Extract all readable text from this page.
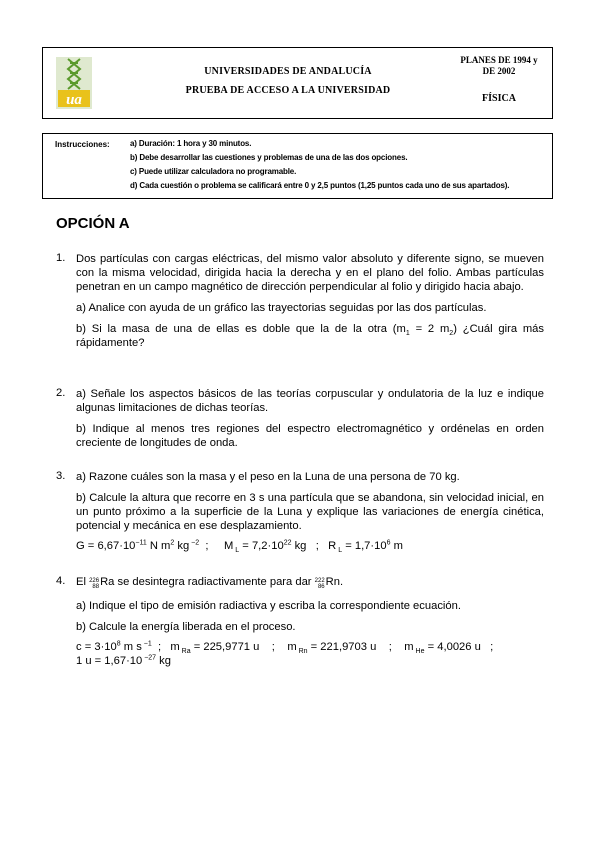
ua
UNIVERSIDADES DE ANDALUCÍA
PRUEBA DE ACCESO A LA UNIVERSIDAD
PLANES DE 1994 y
DE 2002
FÍSICA
Instrucciones:	a) Duración: 1 hora y 30 minutos.
b) Debe desarrollar las cuestiones y problemas de una de las dos opciones.
c) Puede utilizar calculadora no programable.
d) Cada cuestión o problema se calificará entre 0 y 2,5 puntos (1,25 puntos cada uno de sus apartados).
OPCIÓN A
1. Dos partículas con cargas eléctricas, del mismo valor absoluto y diferente signo, se mueven con la misma velocidad, dirigida hacia la derecha y en el plano del folio. Ambas partículas penetran en un campo magnético de dirección perpendicular al folio y dirigido hacia abajo.

a) Analice con ayuda de un gráfico las trayectorias seguidas por las dos partículas.

b) Si la masa de una de ellas es doble que la de la otra ($m_1 = 2$ $m_2$) ¿Cuál gira más rápidamente?

2. a) Señale los aspectos básicos de las teorías corpuscular y ondulatoria de la luz e indique algunas limitaciones de dichas teorías.

b) Indique al menos tres regiones del espectro electromagnético y ordénelas en orden creciente de longitudes de onda.

3. a) Razone cuáles son la masa y el peso en la Luna de una persona de 70 kg.

b) Calcule la altura que recorre en 3 s una partícula que se abandona, sin velocidad inicial, en un punto próximo a la superficie de la Luna y explique las variaciones de energía cinética, potencial y mecánica en ese desplazamiento.

$G = 6,67\cdot 10^{-11}$ N $m^2$ kg $^{-2}$  ;     M $_L = 7,2\cdot 10^{22}$ kg   ;   R $_L = 1,7\cdot 10^6$ m

4. El 226
88 Ra se desintegra radiactivamente para dar 222
86 Rn.

a) Indique el tipo de emisión radiactiva y escriba la correspondiente ecuación.

b) Calcule la energía liberada en el proceso.

$c = 3\cdot 10^8$ m s $^{-1}$  ;   m $_{Ra}$ = 225,9771 u    ;    m $_{Rn}$ = 221,9703 u    ;    m $_{He}$ = 4,0026 u   ;

1 u = 1,67·10 $^{-27}$ kg
